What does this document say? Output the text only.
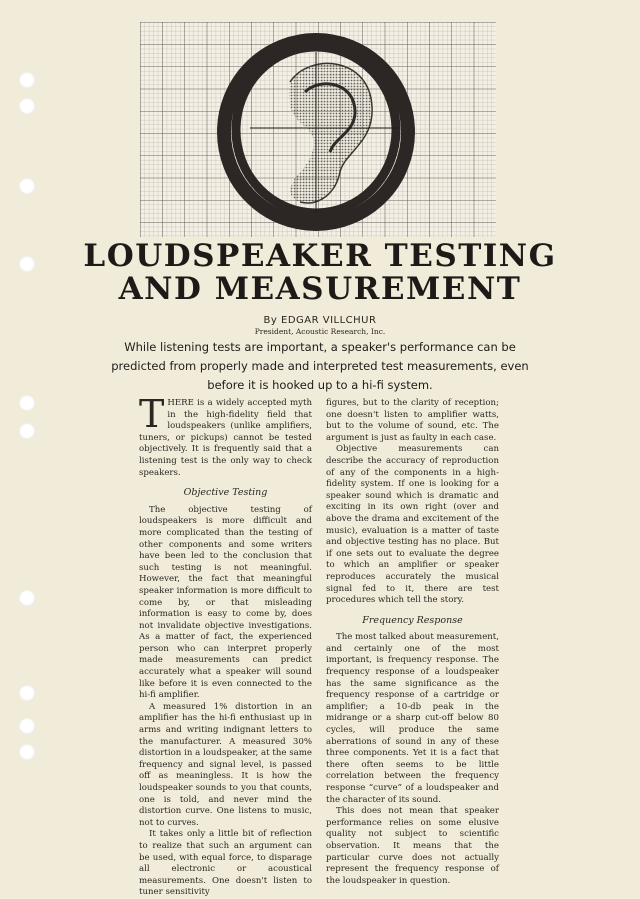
LOUDSPEAKER TESTING
AND MEASUREMENT
By EDGAR VILLCHUR
President, Acoustic Research, Inc.
While listening tests are important, a speaker's performance can be predicted from properly made and interpreted test measurements, even before it is hooked up to a hi-fi system.

THERE is a widely accepted myth in the high-fidelity field that loudspeakers (unlike amplifiers, tuners, or pickups) cannot be tested objectively. It is frequently said that a listening test is the only way to check speakers.

Objective Testing

The objective testing of loudspeakers is more difficult and more complicated than the testing of other components and some writers have been led to the conclusion that such testing is not meaningful. However, the fact that meaningful speaker information is more difficult to come by, or that misleading information is easy to come by, does not invalidate objective investigations. As a matter of fact, the experienced person who can interpret properly made measurements can predict accurately what a speaker will sound like before it is even connected to the hi-fi amplifier.

A measured 1% distortion in an amplifier has the hi-fi enthusiast up in arms and writing indignant letters to the manufacturer. A measured 30% distortion in a loudspeaker, at the same frequency and signal level, is passed off as meaningless. It is how the loudspeaker sounds to you that counts, one is told, and never mind the distortion curve. One listens to music, not to curves.

It takes only a little bit of reflection to realize that such an argument can be used, with equal force, to disparage all electronic or acoustical measurements. One doesn't listen to tuner sensitivity

figures, but to the clarity of reception; one doesn't listen to amplifier watts, but to the volume of sound, etc. The argument is just as faulty in each case.

Objective measurements can describe the accuracy of reproduction of any of the components in a high-fidelity system. If one is looking for a speaker sound which is dramatic and exciting in its own right (over and above the drama and excitement of the music), evaluation is a matter of taste and objective testing has no place. But if one sets out to evaluate the degree to which an amplifier or speaker reproduces accurately the musical signal fed to it, there are test procedures which tell the story.

Frequency Response

The most talked about measurement, and certainly one of the most important, is frequency response. The frequency response of a loudspeaker has the same significance as the frequency response of a cartridge or amplifier; a 10-db peak in the midrange or a sharp cut-off below 80 cycles, will produce the same aberrations of sound in any of these three components. Yet it is a fact that there often seems to be little correlation between the frequency response “curve” of a loudspeaker and the character of its sound.

This does not mean that speaker performance relies on some elusive quality not subject to scientific observation. It means that the particular curve does not actually represent the frequency response of the loudspeaker in question.
